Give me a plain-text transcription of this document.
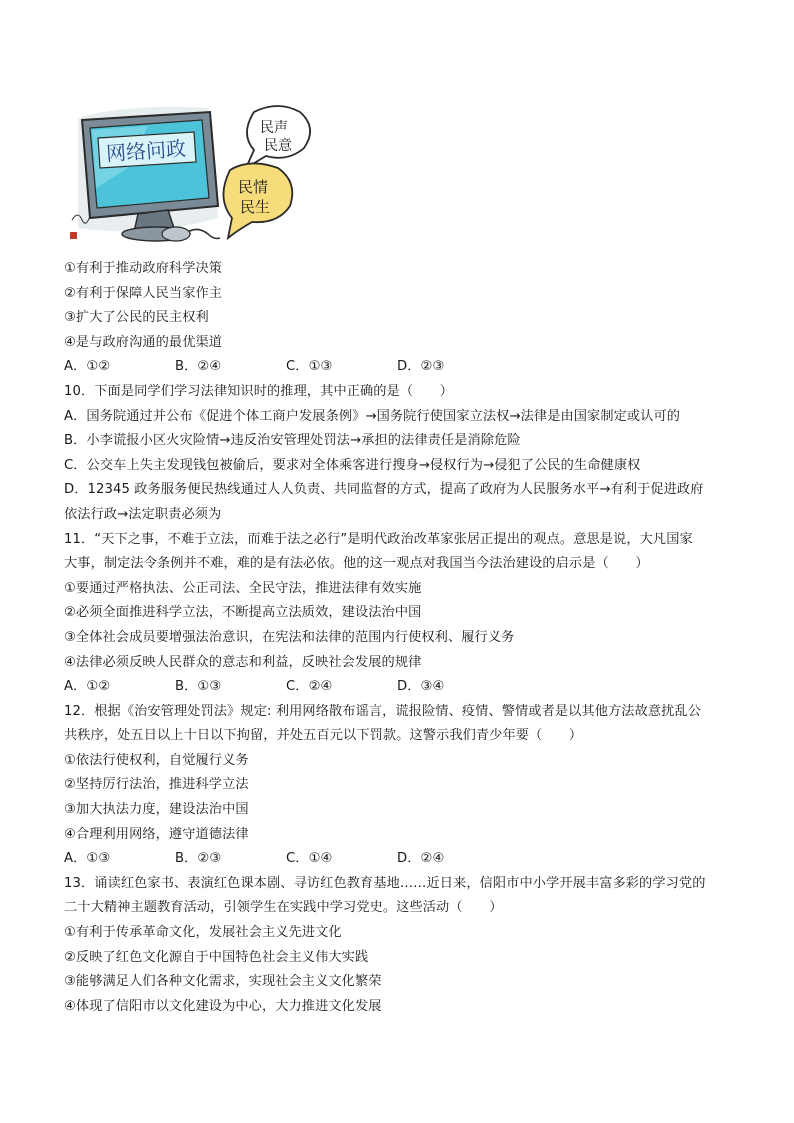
网络问政
民声 民意
民情 民生
①有利于推动政府科学决策
②有利于保障人民当家作主
③扩大了公民的民主权利
④是与政府沟通的最优渠道
A．①②	B．②④	C．①③	D．②③
10．下面是同学们学习法律知识时的推理，其中正确的是（　　）
A．国务院通过并公布《促进个体工商户发展条例》→国务院行使国家立法权→法律是由国家制定或认可的
B．小李谎报小区火灾险情→违反治安管理处罚法→承担的法律责任是消除危险
C．公交车上失主发现钱包被偷后，要求对全体乘客进行搜身→侵权行为→侵犯了公民的生命健康权
D．12345 政务服务便民热线通过人人负责、共同监督的方式，提高了政府为人民服务水平→有利于促进政府
依法行政→法定职责必须为
11．“天下之事，不难于立法，而难于法之必行”是明代政治改革家张居正提出的观点。意思是说，大凡国家
大事，制定法令条例并不难，难的是有法必依。他的这一观点对我国当今法治建设的启示是（　　）
①要通过严格执法、公正司法、全民守法，推进法律有效实施
②必须全面推进科学立法，不断提高立法质效，建设法治中国
③全体社会成员要增强法治意识，在宪法和法律的范围内行使权利、履行义务
④法律必须反映人民群众的意志和利益，反映社会发展的规律
A．①②	B．①③	C．②④	D．③④
12．根据《治安管理处罚法》规定: 利用网络散布谣言，谎报险情、疫情、警情或者是以其他方法故意扰乱公
共秩序，处五日以上十日以下拘留，并处五百元以下罚款。这警示我们青少年要（　　）
①依法行使权利，自觉履行义务
②坚持厉行法治，推进科学立法
③加大执法力度，建设法治中国
④合理利用网络，遵守道德法律
A．①③	B．②③	C．①④	D．②④
13．诵读红色家书、表演红色课本剧、寻访红色教育基地……近日来，信阳市中小学开展丰富多彩的学习党的
二十大精神主题教育活动，引领学生在实践中学习党史。这些活动（　　）
①有利于传承革命文化，发展社会主义先进文化
②反映了红色文化源自于中国特色社会主义伟大实践
③能够满足人们各种文化需求，实现社会主义文化繁荣
④体现了信阳市以文化建设为中心，大力推进文化发展
